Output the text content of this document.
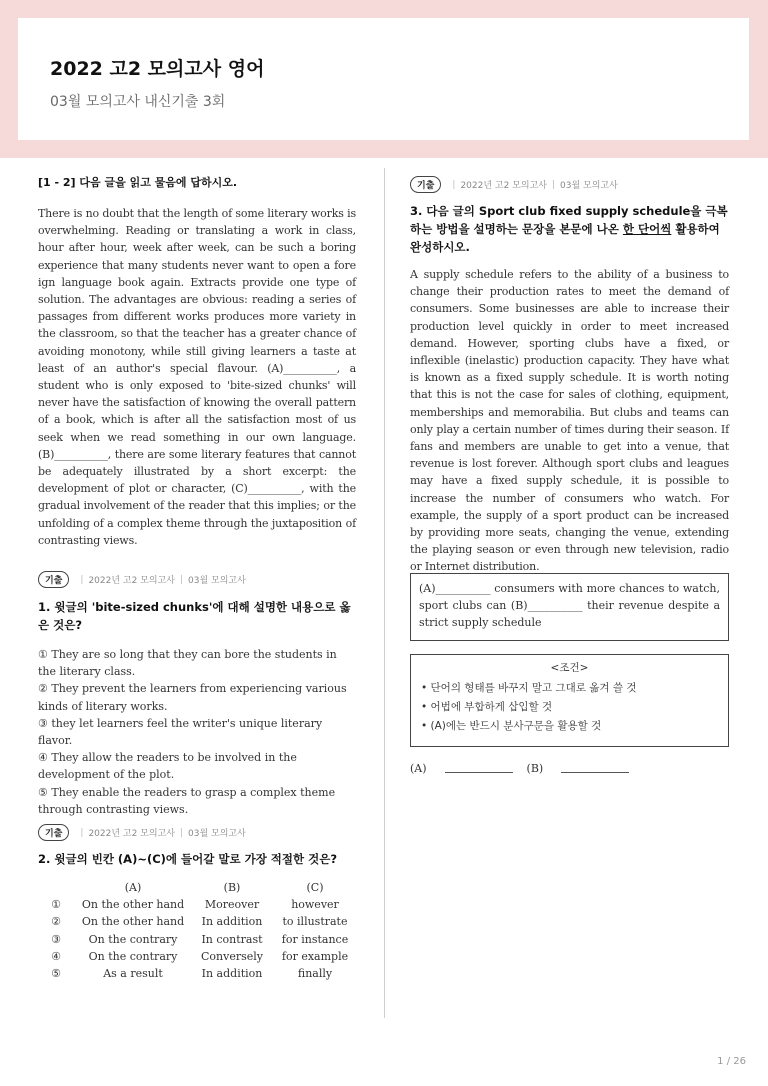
2022 고2 모의고사 영어

03월 모의고사 내신기출 3회

[1 - 2] 다음 글을 읽고 물음에 답하시오.

There is no doubt that the length of some literary works is overwhelming. Reading or translating a work in class, hour after hour, week after week, can be such a boring experience that many students never want to open a fore ign language book again. Extracts provide one type of solution. The advantages are obvious: reading a series of passages from different works produces more variety in the classroom, so that the teacher has a greater chance of avoiding monotony, while still giving learners a taste at least of an author's special flavour. (A)__________, a student who is only exposed to 'bite-sized chunks' will never have the satisfaction of knowing the overall pattern of a book, which is after all the satisfaction most of us seek when we read something in our own language. (B)__________, there are some literary features that cannot be adequately illustrated by a short excerpt: the development of plot or character, (C)__________, with the gradual involvement of the reader that this implies; or the unfolding of a complex theme through the juxtaposition of contrasting views.

기출	| 2022년 고2 모의고사 | 03월 모의고사

1. 윗글의 'bite-sized chunks'에 대해 설명한 내용으로 옳은 것은?

① They are so long that they can bore the students in the literary class.
② They prevent the learners from experiencing various kinds of literary works.
③ they let learners feel the writer's unique literary flavor.
④ They allow the readers to be involved in the development of the plot.
⑤ They enable the readers to grasp a complex theme through contrasting views.
기출	| 2022년 고2 모의고사 | 03월 모의고사

2. 윗글의 빈칸 (A)~(C)에 들어갈 말로 가장 적절한 것은?

	(A)	(B)	(C)
①	On the other hand	Moreover	however
②	On the other hand	In addition	to illustrate
③	On the contrary	In contrast	for instance
④	On the contrary	Conversely	for example
⑤	As a result	In addition	finally
기출	| 2022년 고2 모의고사 | 03월 모의고사

3. 다음 글의 Sport club fixed supply schedule을 극복하는 방법을 설명하는 문장을 본문에 나온 한 단어씩 활용하여 완성하시오.

A supply schedule refers to the ability of a business to change their production rates to meet the demand of consumers. Some businesses are able to increase their production level quickly in order to meet increased demand. However, sporting clubs have a fixed, or inflexible (inelastic) production capacity. They have what is known as a fixed supply schedule. It is worth noting that this is not the case for sales of clothing, equipment, memberships and memorabilia. But clubs and teams can only play a certain number of times during their season. If fans and members are unable to get into a venue, that revenue is lost forever. Although sport clubs and leagues may have a fixed supply schedule, it is possible to increase the number of consumers who watch. For example, the supply of a sport product can be increased by providing more seats, changing the venue, extending the playing season or even through new television, radio or Internet distribution.

(A)__________ consumers with more chances to watch, sport clubs can (B)__________ their revenue despite a strict supply schedule

<조건>
• 단어의 형태를 바꾸지 말고 그대로 옮겨 쓸 것
• 어법에 부합하게 삽입할 것
• (A)에는 반드시 분사구문을 활용할 것
(A)	(B)
1 / 26
